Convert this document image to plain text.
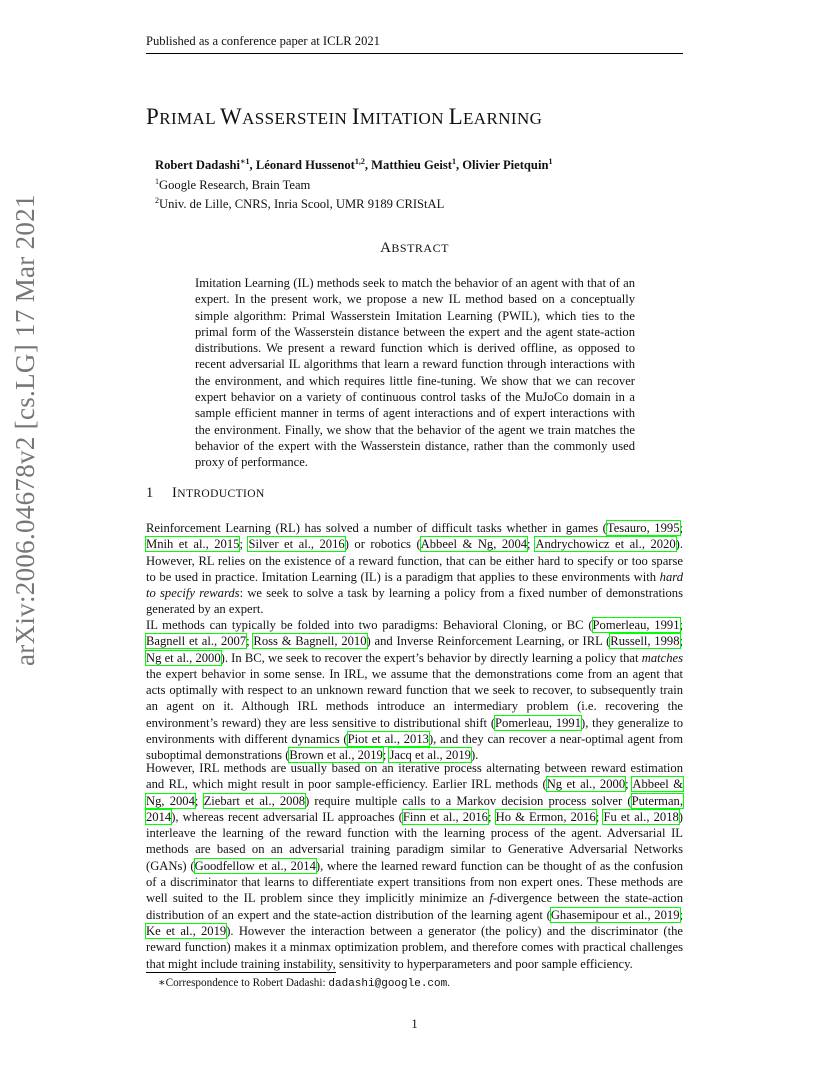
Published as a conference paper at ICLR 2021
arXiv:2006.04678v2 [cs.LG] 17 Mar 2021
PRIMAL WASSERSTEIN IMITATION LEARNING
Robert Dadashi$^{∗1}$, Léonard Hussenot$^{1,2}$, Matthieu Geist$^1$, Olivier Pietquin$^1$
$^1$Google Research, Brain Team
$^2$Univ. de Lille, CNRS, Inria Scool, UMR 9189 CRIStAL
ABSTRACT
Imitation Learning (IL) methods seek to match the behavior of an agent with that of an expert. In the present work, we propose a new IL method based on a conceptually simple algorithm: Primal Wasserstein Imitation Learning (PWIL), which ties to the primal form of the Wasserstein distance between the expert and the agent state-action distributions. We present a reward function which is derived offline, as opposed to recent adversarial IL algorithms that learn a reward function through interactions with the environment, and which requires little fine-tuning. We show that we can recover expert behavior on a variety of continuous control tasks of the MuJoCo domain in a sample efficient manner in terms of agent interactions and of expert interactions with the environment. Finally, we show that the behavior of the agent we train matches the behavior of the expert with the Wasserstein distance, rather than the commonly used proxy of performance.
1 INTRODUCTION
Reinforcement Learning (RL) has solved a number of difficult tasks whether in games (Tesauro, 1995; Mnih et al., 2015; Silver et al., 2016) or robotics (Abbeel & Ng, 2004; Andrychowicz et al., 2020). However, RL relies on the existence of a reward function, that can be either hard to specify or too sparse to be used in practice. Imitation Learning (IL) is a paradigm that applies to these environments with hard to specify rewards: we seek to solve a task by learning a policy from a fixed number of demonstrations generated by an expert.
IL methods can typically be folded into two paradigms: Behavioral Cloning, or BC (Pomerleau, 1991; Bagnell et al., 2007; Ross & Bagnell, 2010) and Inverse Reinforcement Learning, or IRL (Russell, 1998; Ng et al., 2000). In BC, we seek to recover the expert’s behavior by directly learning a policy that matches the expert behavior in some sense. In IRL, we assume that the demonstrations come from an agent that acts optimally with respect to an unknown reward function that we seek to recover, to subsequently train an agent on it. Although IRL methods introduce an intermediary problem (i.e. recovering the environment’s reward) they are less sensitive to distributional shift (Pomerleau, 1991), they generalize to environments with different dynamics (Piot et al., 2013), and they can recover a near-optimal agent from suboptimal demonstrations (Brown et al., 2019; Jacq et al., 2019).
However, IRL methods are usually based on an iterative process alternating between reward estimation and RL, which might result in poor sample-efficiency. Earlier IRL methods (Ng et al., 2000; Abbeel & Ng, 2004; Ziebart et al., 2008) require multiple calls to a Markov decision process solver (Puterman, 2014), whereas recent adversarial IL approaches (Finn et al., 2016; Ho & Ermon, 2016; Fu et al., 2018) interleave the learning of the reward function with the learning process of the agent. Adversarial IL methods are based on an adversarial training paradigm similar to Generative Adversarial Networks (GANs) (Goodfellow et al., 2014), where the learned reward function can be thought of as the confusion of a discriminator that learns to differentiate expert transitions from non expert ones. These methods are well suited to the IL problem since they implicitly minimize an f-divergence between the state-action distribution of an expert and the state-action distribution of the learning agent (Ghasemipour et al., 2019; Ke et al., 2019). However the interaction between a generator (the policy) and the discriminator (the reward function) makes it a minmax optimization problem, and therefore comes with practical challenges that might include training instability, sensitivity to hyperparameters and poor sample efficiency.
∗Correspondence to Robert Dadashi: dadashi@google.com.
1
